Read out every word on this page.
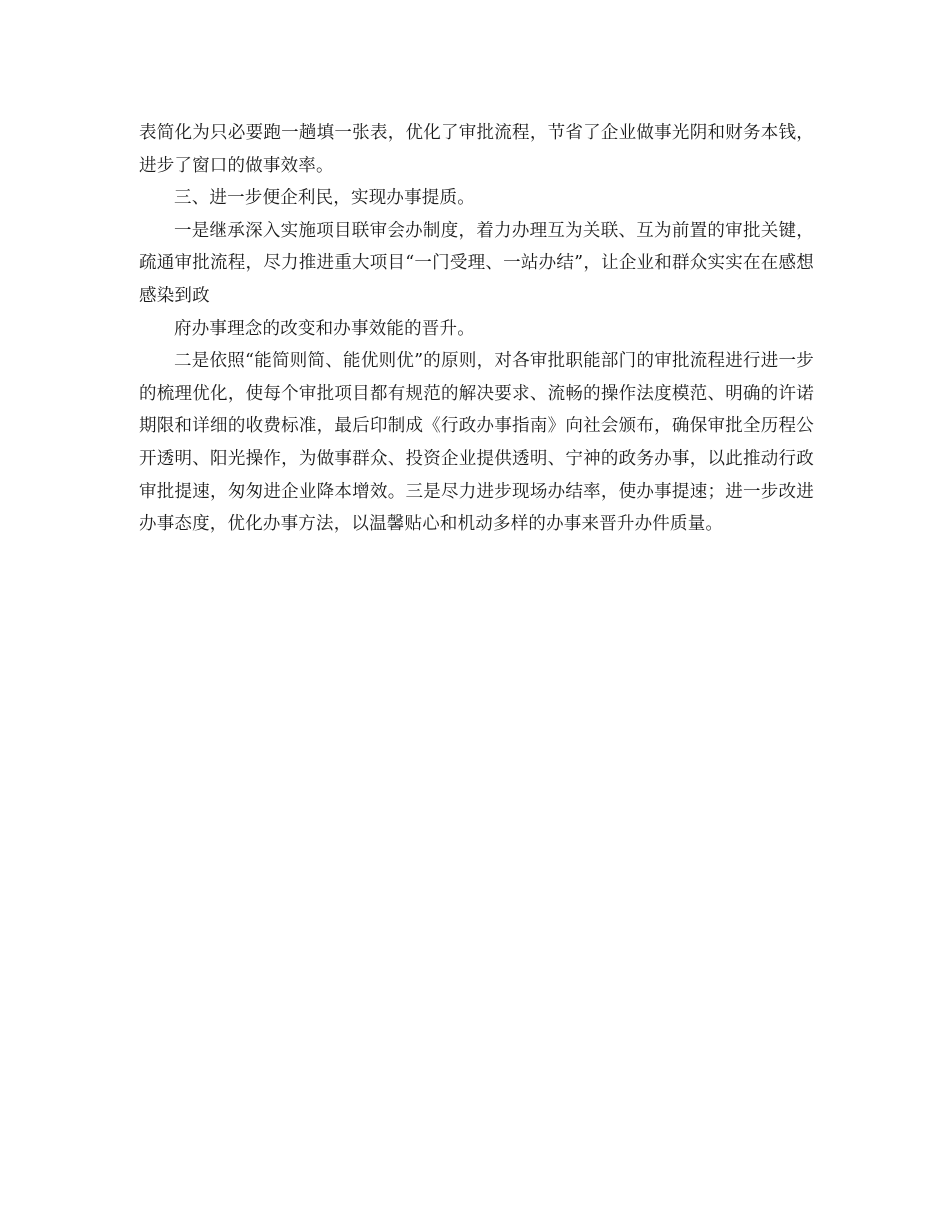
表简化为只必要跑一趟填一张表，优化了审批流程，节省了企业做事光阴和财务本钱，进步了窗口的做事效率。

三、进一步便企利民，实现办事提质。

一是继承深入实施项目联审会办制度，着力办理互为关联、互为前置的审批关键，疏通审批流程，尽力推进重大项目“一门受理、一站办结”，让企业和群众实实在在感想感染到政

府办事理念的改变和办事效能的晋升。

二是依照“能简则简、能优则优”的原则，对各审批职能部门的审批流程进行进一步的梳理优化，使每个审批项目都有规范的解决要求、流畅的操作法度模范、明确的许诺期限和详细的收费标准，最后印制成《行政办事指南》向社会颁布，确保审批全历程公开透明、阳光操作，为做事群众、投资企业提供透明、宁神的政务办事，以此推动行政审批提速，匆匆进企业降本增效。三是尽力进步现场办结率，使办事提速；进一步改进办事态度，优化办事方法，以温馨贴心和机动多样的办事来晋升办件质量。
